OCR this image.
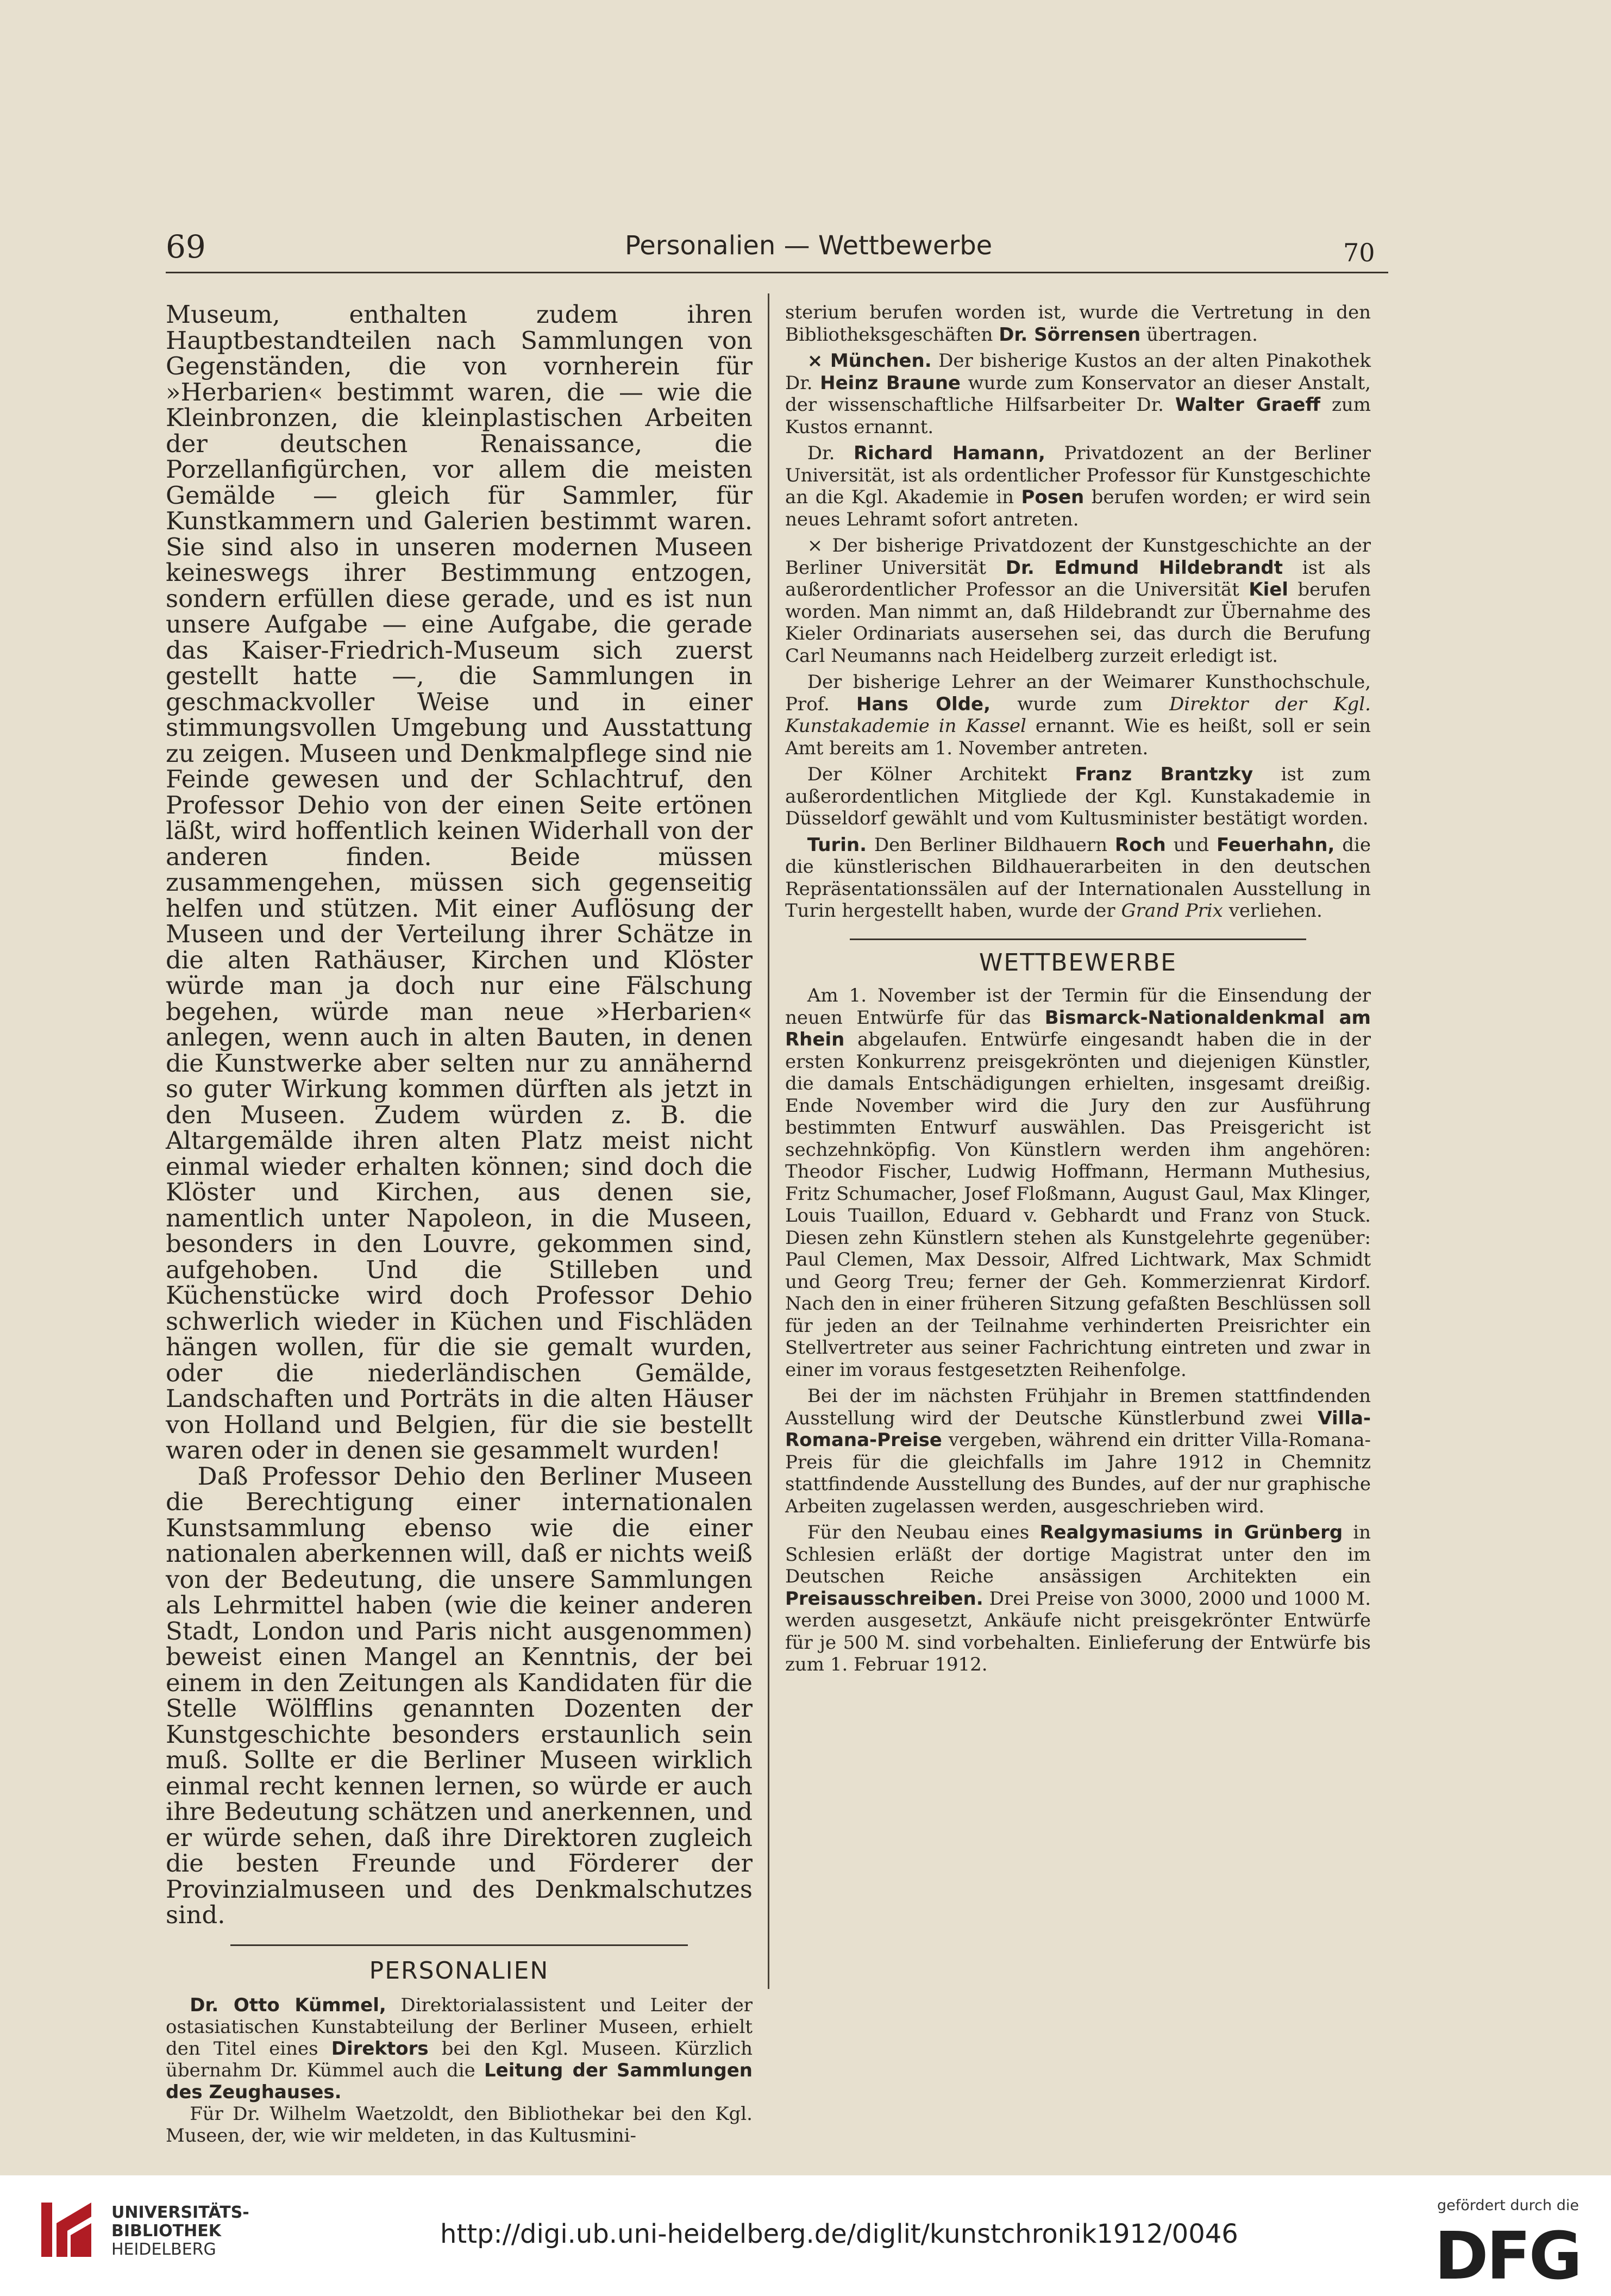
69	Personalien — Wettbewerbe	70

Museum, enthalten zudem ihren Hauptbestandteilen nach Sammlungen von Gegenständen, die von vornherein für »Herbarien« bestimmt waren, die — wie die Kleinbronzen, die kleinplastischen Arbeiten der deutschen Renaissance, die Porzellanfigürchen, vor allem die meisten Gemälde — gleich für Sammler, für Kunstkammern und Galerien bestimmt waren. Sie sind also in unseren modernen Museen keineswegs ihrer Bestimmung entzogen, sondern erfüllen diese gerade, und es ist nun unsere Aufgabe — eine Aufgabe, die gerade das Kaiser-Friedrich-Museum sich zuerst gestellt hatte —, die Sammlungen in geschmackvoller Weise und in einer stimmungsvollen Umgebung und Ausstattung zu zeigen. Museen und Denkmalpflege sind nie Feinde gewesen und der Schlachtruf, den Professor Dehio von der einen Seite ertönen läßt, wird hoffentlich keinen Widerhall von der anderen finden. Beide müssen zusammengehen, müssen sich gegenseitig helfen und stützen. Mit einer Auflösung der Museen und der Verteilung ihrer Schätze in die alten Rathäuser, Kirchen und Klöster würde man ja doch nur eine Fälschung begehen, würde man neue »Herbarien« anlegen, wenn auch in alten Bauten, in denen die Kunstwerke aber selten nur zu annähernd so guter Wirkung kommen dürften als jetzt in den Museen. Zudem würden z. B. die Altargemälde ihren alten Platz meist nicht einmal wieder erhalten können; sind doch die Klöster und Kirchen, aus denen sie, namentlich unter Napoleon, in die Museen, besonders in den Louvre, gekommen sind, aufgehoben. Und die Stilleben und Küchenstücke wird doch Professor Dehio schwerlich wieder in Küchen und Fischläden hängen wollen, für die sie gemalt wurden, oder die niederländischen Gemälde, Landschaften und Porträts in die alten Häuser von Holland und Belgien, für die sie bestellt waren oder in denen sie gesammelt wurden!

Daß Professor Dehio den Berliner Museen die Berechtigung einer internationalen Kunstsammlung ebenso wie die einer nationalen aberkennen will, daß er nichts weiß von der Bedeutung, die unsere Sammlungen als Lehrmittel haben (wie die keiner anderen Stadt, London und Paris nicht ausgenommen) beweist einen Mangel an Kenntnis, der bei einem in den Zeitungen als Kandidaten für die Stelle Wölfflins genannten Dozenten der Kunstgeschichte besonders erstaunlich sein muß. Sollte er die Berliner Museen wirklich einmal recht kennen lernen, so würde er auch ihre Bedeutung schätzen und anerkennen, und er würde sehen, daß ihre Direktoren zugleich die besten Freunde und Förderer der Provinzialmuseen und des Denkmalschutzes sind.

PERSONALIEN

Dr. Otto Kümmel, Direktorialassistent und Leiter der ostasiatischen Kunstabteilung der Berliner Museen, erhielt den Titel eines Direktors bei den Kgl. Museen. Kürzlich übernahm Dr. Kümmel auch die Leitung der Sammlungen des Zeughauses.

Für Dr. Wilhelm Waetzoldt, den Bibliothekar bei den Kgl. Museen, der, wie wir meldeten, in das Kultusmini-

sterium berufen worden ist, wurde die Vertretung in den Bibliotheksgeschäften Dr. Sörrensen übertragen.

× München. Der bisherige Kustos an der alten Pinakothek Dr. Heinz Braune wurde zum Konservator an dieser Anstalt, der wissenschaftliche Hilfsarbeiter Dr. Walter Graeff zum Kustos ernannt.

Dr. Richard Hamann, Privatdozent an der Berliner Universität, ist als ordentlicher Professor für Kunstgeschichte an die Kgl. Akademie in Posen berufen worden; er wird sein neues Lehramt sofort antreten.

× Der bisherige Privatdozent der Kunstgeschichte an der Berliner Universität Dr. Edmund Hildebrandt ist als außerordentlicher Professor an die Universität Kiel berufen worden. Man nimmt an, daß Hildebrandt zur Übernahme des Kieler Ordinariats ausersehen sei, das durch die Berufung Carl Neumanns nach Heidelberg zurzeit erledigt ist.

Der bisherige Lehrer an der Weimarer Kunsthochschule, Prof. Hans Olde, wurde zum Direktor der Kgl. Kunstakademie in Kassel ernannt. Wie es heißt, soll er sein Amt bereits am 1. November antreten.

Der Kölner Architekt Franz Brantzky ist zum außerordentlichen Mitgliede der Kgl. Kunstakademie in Düsseldorf gewählt und vom Kultusminister bestätigt worden.

Turin. Den Berliner Bildhauern Roch und Feuerhahn, die die künstlerischen Bildhauerarbeiten in den deutschen Repräsentationssälen auf der Internationalen Ausstellung in Turin hergestellt haben, wurde der Grand Prix verliehen.

WETTBEWERBE

Am 1. November ist der Termin für die Einsendung der neuen Entwürfe für das Bismarck-Nationaldenkmal am Rhein abgelaufen. Entwürfe eingesandt haben die in der ersten Konkurrenz preisgekrönten und diejenigen Künstler, die damals Entschädigungen erhielten, insgesamt dreißig. Ende November wird die Jury den zur Ausführung bestimmten Entwurf auswählen. Das Preisgericht ist sechzehnköpfig. Von Künstlern werden ihm angehören: Theodor Fischer, Ludwig Hoffmann, Hermann Muthesius, Fritz Schumacher, Josef Floßmann, August Gaul, Max Klinger, Louis Tuaillon, Eduard v. Gebhardt und Franz von Stuck. Diesen zehn Künstlern stehen als Kunstgelehrte gegenüber: Paul Clemen, Max Dessoir, Alfred Lichtwark, Max Schmidt und Georg Treu; ferner der Geh. Kommerzienrat Kirdorf. Nach den in einer früheren Sitzung gefaßten Beschlüssen soll für jeden an der Teilnahme verhinderten Preisrichter ein Stellvertreter aus seiner Fachrichtung eintreten und zwar in einer im voraus festgesetzten Reihenfolge.

Bei der im nächsten Frühjahr in Bremen stattfindenden Ausstellung wird der Deutsche Künstlerbund zwei Villa-Romana-Preise vergeben, während ein dritter Villa-Romana-Preis für die gleichfalls im Jahre 1912 in Chemnitz stattfindende Ausstellung des Bundes, auf der nur graphische Arbeiten zugelassen werden, ausgeschrieben wird.

Für den Neubau eines Realgymasiums in Grünberg in Schlesien erläßt der dortige Magistrat unter den im Deutschen Reiche ansässigen Architekten ein Preisausschreiben. Drei Preise von 3000, 2000 und 1000 M. werden ausgesetzt, Ankäufe nicht preisgekrönter Entwürfe für je 500 M. sind vorbehalten. Einlieferung der Entwürfe bis zum 1. Februar 1912.

UNIVERSITÄTS-
BIBLIOTHEK
HEIDELBERG
http://digi.ub.uni-heidelberg.de/diglit/kunstchronik1912/0046
gefördert durch die
DFG
